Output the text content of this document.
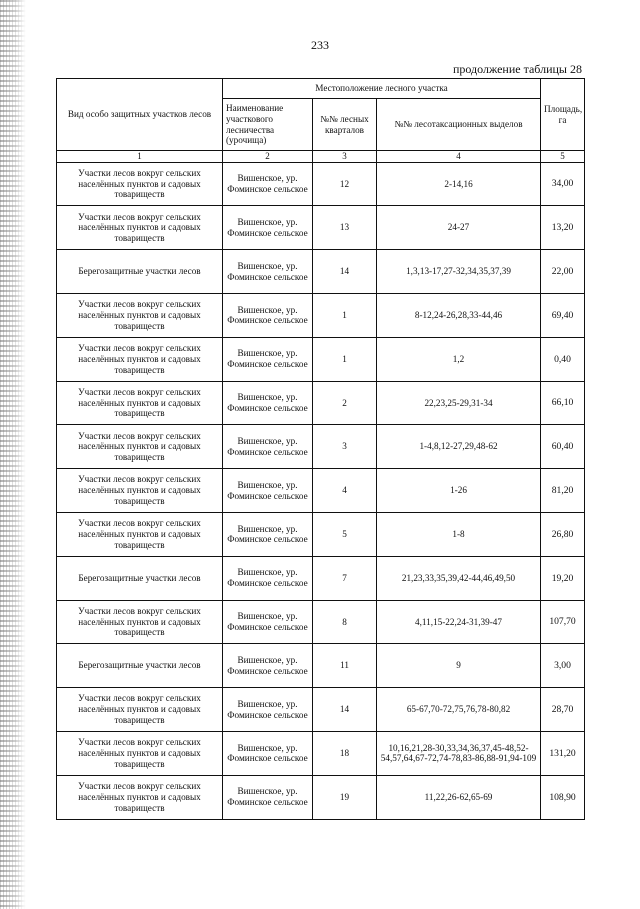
233
продолжение таблицы 28
Вид особо защитных участков лесов	Местоположение лесного участка			Площадь, га
	Наименование участкового лесничества (урочища)	№№ лесных кварталов	№№ лесотаксационных выделов	
1	2	3	4	5
Участки лесов вокруг сельских населённых пунктов и садовых товариществ	Вишенское, ур. Фоминское сельское	12	2-14,16	34,00
Участки лесов вокруг сельских населённых пунктов и садовых товариществ	Вишенское, ур. Фоминское сельское	13	24-27	13,20
Берегозащитные участки лесов	Вишенское, ур. Фоминское сельское	14	1,3,13-17,27-32,34,35,37,39	22,00
Участки лесов вокруг сельских населённых пунктов и садовых товариществ	Вишенское, ур. Фоминское сельское	1	8-12,24-26,28,33-44,46	69,40
Участки лесов вокруг сельских населённых пунктов и садовых товариществ	Вишенское, ур. Фоминское сельское	1	1,2	0,40
Участки лесов вокруг сельских населённых пунктов и садовых товариществ	Вишенское, ур. Фоминское сельское	2	22,23,25-29,31-34	66,10
Участки лесов вокруг сельских населённых пунктов и садовых товариществ	Вишенское, ур. Фоминское сельское	3	1-4,8,12-27,29,48-62	60,40
Участки лесов вокруг сельских населённых пунктов и садовых товариществ	Вишенское, ур. Фоминское сельское	4	1-26	81,20
Участки лесов вокруг сельских населённых пунктов и садовых товариществ	Вишенское, ур. Фоминское сельское	5	1-8	26,80
Берегозащитные участки лесов	Вишенское, ур. Фоминское сельское	7	21,23,33,35,39,42-44,46,49,50	19,20
Участки лесов вокруг сельских населённых пунктов и садовых товариществ	Вишенское, ур. Фоминское сельское	8	4,11,15-22,24-31,39-47	107,70
Берегозащитные участки лесов	Вишенское, ур. Фоминское сельское	11	9	3,00
Участки лесов вокруг сельских населённых пунктов и садовых товариществ	Вишенское, ур. Фоминское сельское	14	65-67,70-72,75,76,78-80,82	28,70
Участки лесов вокруг сельских населённых пунктов и садовых товариществ	Вишенское, ур. Фоминское сельское	18	10,16,21,28-30,33,34,36,37,45-48,52-54,57,64,67-72,74-78,83-86,88-91,94-109	131,20
Участки лесов вокруг сельских населённых пунктов и садовых товариществ	Вишенское, ур. Фоминское сельское	19	11,22,26-62,65-69	108,90
